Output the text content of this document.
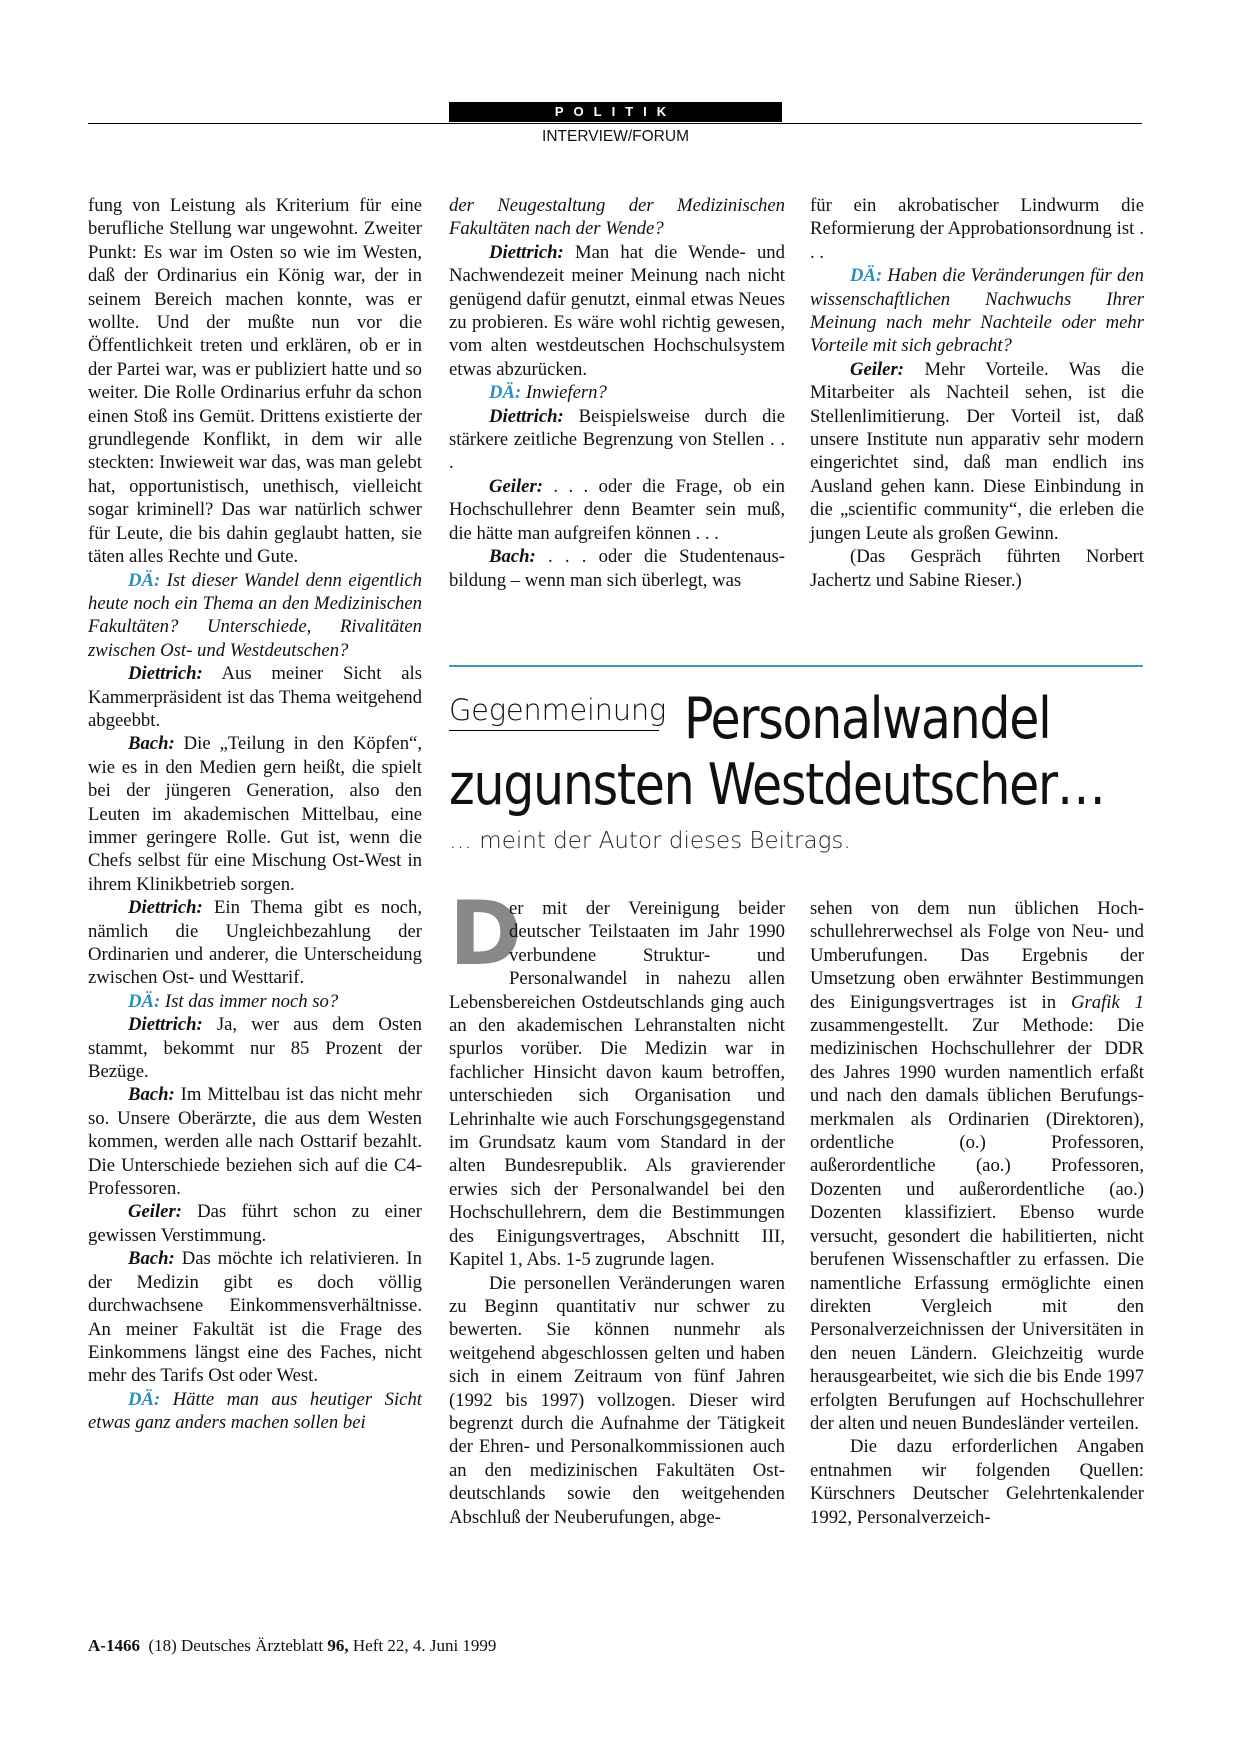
POLITIK
INTERVIEW/FORUM

fung von Leistung als Kriterium für eine berufliche Stellung war ungewohnt. Zweiter Punkt: Es war im Osten so wie im Westen, daß der Ordinarius ein König war, der in seinem Bereich machen konnte, was er wollte. Und der mußte nun vor die Öffentlichkeit treten und erklären, ob er in der Partei war, was er publiziert hatte und so weiter. Die Rolle Ordinarius erfuhr da schon einen Stoß ins Gemüt. Drittens existierte der grundlegende Konflikt, in dem wir alle steckten: Inwieweit war das, was man gelebt hat, opportunistisch, unethisch, vielleicht sogar kriminell? Das war natürlich schwer für Leute, die bis dahin geglaubt hatten, sie täten alles Rechte und Gute.

DÄ: Ist dieser Wandel denn eigentlich heute noch ein Thema an den Medizinischen Fakultäten? Unterschiede, Rivalitäten zwischen Ost- und Westdeutschen?

Diettrich: Aus meiner Sicht als Kammerpräsident ist das Thema weitgehend abgeebbt.

Bach: Die „Teilung in den Köpfen“, wie es in den Medien gern heißt, die spielt bei der jüngeren Generation, also den Leuten im akademischen Mittelbau, eine immer geringere Rolle. Gut ist, wenn die Chefs selbst für eine Mischung Ost-West in ihrem Klinikbetrieb sorgen.

Diettrich: Ein Thema gibt es noch, nämlich die Ungleichbezahlung der Ordinarien und anderer, die Unterscheidung zwischen Ost- und Westtarif.

DÄ: Ist das immer noch so?

Diettrich: Ja, wer aus dem Osten stammt, bekommt nur 85 Prozent der Bezüge.

Bach: Im Mittelbau ist das nicht mehr so. Unsere Oberärzte, die aus dem Westen kommen, werden alle nach Osttarif bezahlt. Die Unterschiede beziehen sich auf die C4-Professoren.

Geiler: Das führt schon zu einer gewissen Verstimmung.

Bach: Das möchte ich relativieren. In der Medizin gibt es doch völlig durchwachsene Einkommensverhältnisse. An meiner Fakultät ist die Frage des Einkommens längst eine des Faches, nicht mehr des Tarifs Ost oder West.

DÄ: Hätte man aus heutiger Sicht etwas ganz anders machen sollen bei

der Neugestaltung der Medizinischen Fakultäten nach der Wende?

Diettrich: Man hat die Wende- und Nachwendezeit meiner Meinung nach nicht genügend dafür genutzt, einmal etwas Neues zu probieren. Es wäre wohl richtig gewesen, vom alten westdeutschen Hochschulsystem etwas abzurücken.

DÄ: Inwiefern?

Diettrich: Beispielsweise durch die stärkere zeitliche Begrenzung von Stellen . . .

Geiler: . . . oder die Frage, ob ein Hochschullehrer denn Beamter sein muß, die hätte man aufgreifen können . . .

Bach: . . . oder die Studentenausbildung – wenn man sich überlegt, was

für ein akrobatischer Lindwurm die Reformierung der Approbationsordnung ist . . .

DÄ: Haben die Veränderungen für den wissenschaftlichen Nachwuchs Ihrer Meinung nach mehr Nachteile oder mehr Vorteile mit sich gebracht?

Geiler: Mehr Vorteile. Was die Mitarbeiter als Nachteil sehen, ist die Stellenlimitierung. Der Vorteil ist, daß unsere Institute nun apparativ sehr modern eingerichtet sind, daß man endlich ins Ausland gehen kann. Diese Einbindung in die „scientific community“, die erleben die jungen Leute als großen Gewinn.

(Das Gespräch führten Norbert Jachertz und Sabine Rieser.)

Gegenmeinung Personalwandel
zugunsten Westdeutscher…
… meint der Autor dieses Beitrags.

D
er mit der Vereinigung beider deutscher Teilstaaten im Jahr 1990 verbundene Struktur- und Personalwandel in nahezu allen Lebensbereichen Ostdeutschlands ging auch an den akademischen Lehranstalten nicht spurlos vorüber. Die Medizin war in fachlicher Hinsicht davon kaum betroffen, unterschieden sich Organisation und Lehrinhalte wie auch Forschungsgegenstand im Grundsatz kaum vom Standard in der alten Bundesrepublik. Als gravierender erwies sich der Personalwandel bei den Hochschullehrern, dem die Bestimmungen des Einigungsvertrages, Abschnitt III, Kapitel 1, Abs. 1-5 zugrunde lagen.

Die personellen Veränderungen waren zu Beginn quantitativ nur schwer zu bewerten. Sie können nunmehr als weitgehend abgeschlossen gelten und haben sich in einem Zeitraum von fünf Jahren (1992 bis 1997) vollzogen. Dieser wird begrenzt durch die Aufnahme der Tätigkeit der Ehren- und Personalkommissionen auch an den medizinischen Fakultäten Ostdeutschlands sowie den weitgehenden Abschluß der Neuberufungen, abge-

sehen von dem nun üblichen Hochschullehrerwechsel als Folge von Neu- und Umberufungen. Das Ergebnis der Umsetzung oben erwähnter Bestimmungen des Einigungsvertrages ist in Grafik 1 zusammengestellt. Zur Methode: Die medizinischen Hochschullehrer der DDR des Jahres 1990 wurden namentlich erfaßt und nach den damals üblichen Berufungsmerkmalen als Ordinarien (Direktoren), ordentliche (o.) Professoren, außerordentliche (ao.) Professoren, Dozenten und außerordentliche (ao.) Dozenten klassifiziert. Ebenso wurde versucht, gesondert die habilitierten, nicht berufenen Wissenschaftler zu erfassen. Die namentliche Erfassung ermöglichte einen direkten Vergleich mit den Personalverzeichnissen der Universitäten in den neuen Ländern. Gleichzeitig wurde herausgearbeitet, wie sich die bis Ende 1997 erfolgten Berufungen auf Hochschullehrer der alten und neuen Bundesländer verteilen.

Die dazu erforderlichen Angaben entnahmen wir folgenden Quellen: Kürschners Deutscher Gelehrtenkalender 1992, Personalverzeich-

A-1466 (18) Deutsches Ärzteblatt 96, Heft 22, 4. Juni 1999
